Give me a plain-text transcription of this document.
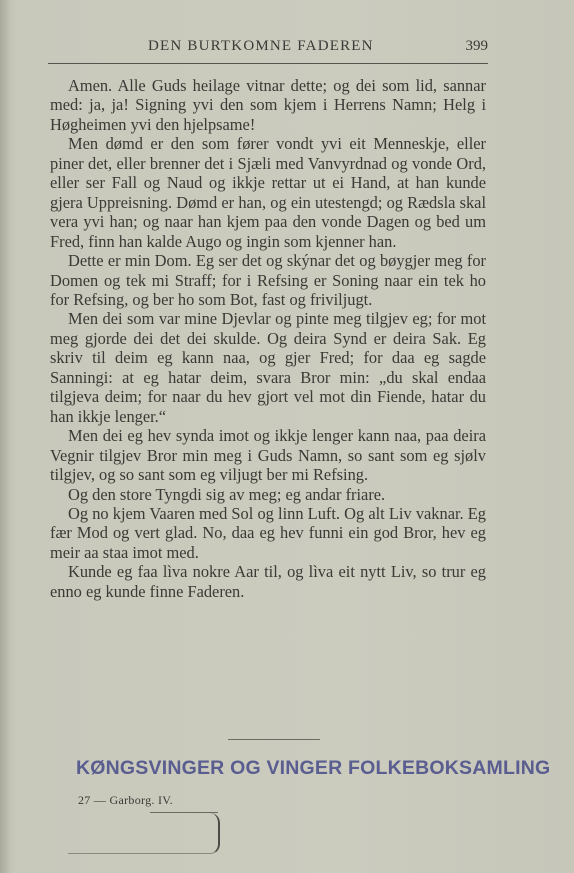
DEN BURTKOMNE FADEREN	399

Amen. Alle Guds heilage vitnar dette; og dei som lid, sannar med: ja, ja! Signing yvi den som kjem i Herrens Namn; Helg i Høgheimen yvi den hjelpsame!

Men dømd er den som fører vondt yvi eit Menneskje, eller piner det, eller brenner det i Sjæli med Vanvyrdnad og vonde Ord, eller ser Fall og Naud og ikkje rettar ut ei Hand, at han kunde gjera Uppreisning. Dømd er han, og ein utestengd; og Rædsla skal vera yvi han; og naar han kjem paa den vonde Dagen og bed um Fred, finn han kalde Augo og ingin som kjenner han.

Dette er min Dom. Eg ser det og skýnar det og bøygjer meg for Domen og tek mi Straff; for i Refsing er Soning naar ein tek ho for Refsing, og ber ho som Bot, fast og friviljugt.

Men dei som var mine Djevlar og pinte meg tilgjev eg; for mot meg gjorde dei det dei skulde. Og deira Synd er deira Sak. Eg skriv til deim eg kann naa, og gjer Fred; for daa eg sagde Sanningi: at eg hatar deim, svara Bror min: „du skal endaa tilgjeva deim; for naar du hev gjort vel mot din Fiende, hatar du han ikkje lenger.“

Men dei eg hev synda imot og ikkje lenger kann naa, paa deira Vegnir tilgjev Bror min meg i Guds Namn, so sant som eg sjølv tilgjev, og so sant som eg viljugt ber mi Refsing.

Og den store Tyngdi sig av meg; eg andar friare.

Og no kjem Vaaren med Sol og linn Luft. Og alt Liv vaknar. Eg fær Mod og vert glad. No, daa eg hev funni ein god Bror, hev eg meir aa staa imot med.

Kunde eg faa lìva nokre Aar til, og lìva eit nytt Liv, so trur eg enno eg kunde finne Faderen.

KØNGSVINGER OG VINGER FOLKEBOKSAMLING
27 — Garborg. IV.
